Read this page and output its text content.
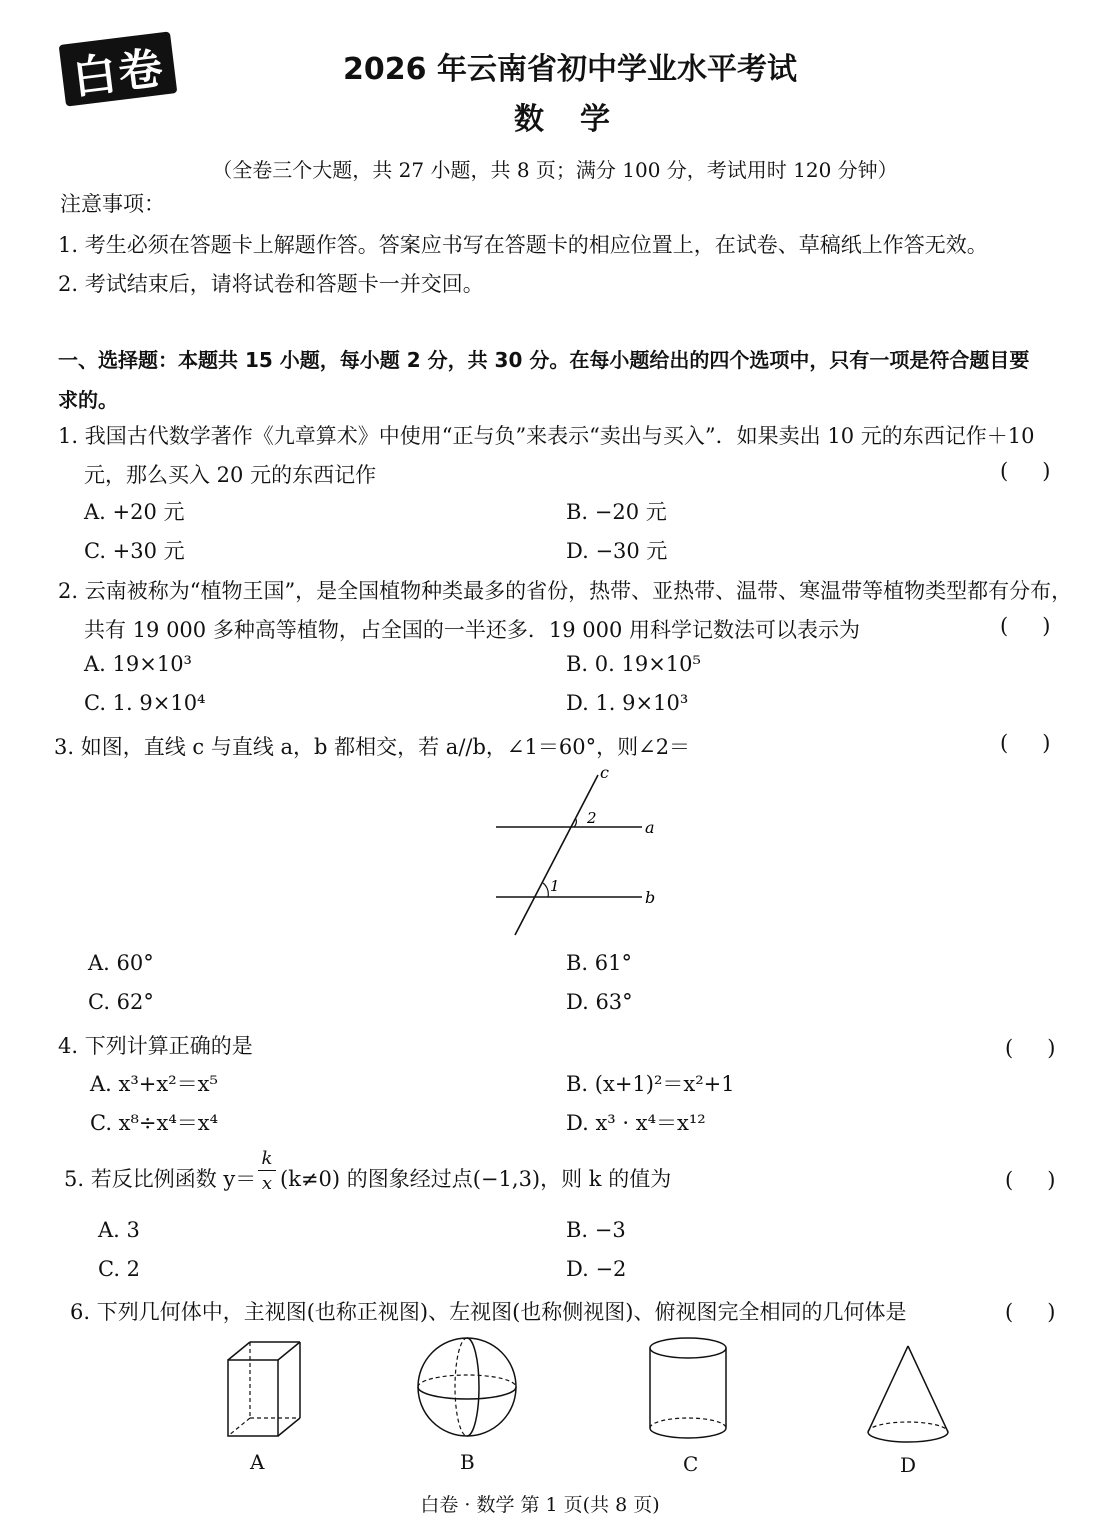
白卷	2026 年云南省初中学业水平考试
数学
（全卷三个大题，共 27 小题，共 8 页；满分 100 分，考试用时 120 分钟）
注意事项：
1. 考生必须在答题卡上解题作答。答案应书写在答题卡的相应位置上，在试卷、草稿纸上作答无效。
2. 考试结束后，请将试卷和答题卡一并交回。
一、选择题：本题共 15 小题，每小题 2 分，共 30 分。在每小题给出的四个选项中，只有一项是符合题目要
求的。
1. 我国古代数学著作《九章算术》中使用“正与负”来表示“卖出与买入”．如果卖出 10 元的东西记作＋10
元，那么买入 20 元的东西记作	()
A. +20 元	B. −20 元
C. +30 元	D. −30 元
2. 云南被称为“植物王国”，是全国植物种类最多的省份，热带、亚热带、温带、寒温带等植物类型都有分布，
共有 19 000 多种高等植物，占全国的一半还多．19 000 用科学记数法可以表示为	()
A. 19×10³	B. 0. 19×10⁵
C. 1. 9×10⁴	D. 1. 9×10³
3. 如图，直线 c 与直线 a，b 都相交，若 a//b，∠1＝60°，则∠2＝	()
c
a
b
1
2
A. 60°	B. 61°
C. 62°	D. 63°
4. 下列计算正确的是	()
A. x³+x²＝x⁵	B. (x+1)²＝x²+1
C. x⁸÷x⁴＝x⁴	D. x³ · x⁴＝x¹²
5. 若反比例函数 y＝
k
x (k≠0) 的图象经过点(−1,3)，则 k 的值为	()
A. 3	B. −3
C. 2	D. −2
6. 下列几何体中，主视图(也称正视图)、左视图(也称侧视图)、俯视图完全相同的几何体是	()
A	B	C	D
白卷 · 数学 第 1 页(共 8 页)
